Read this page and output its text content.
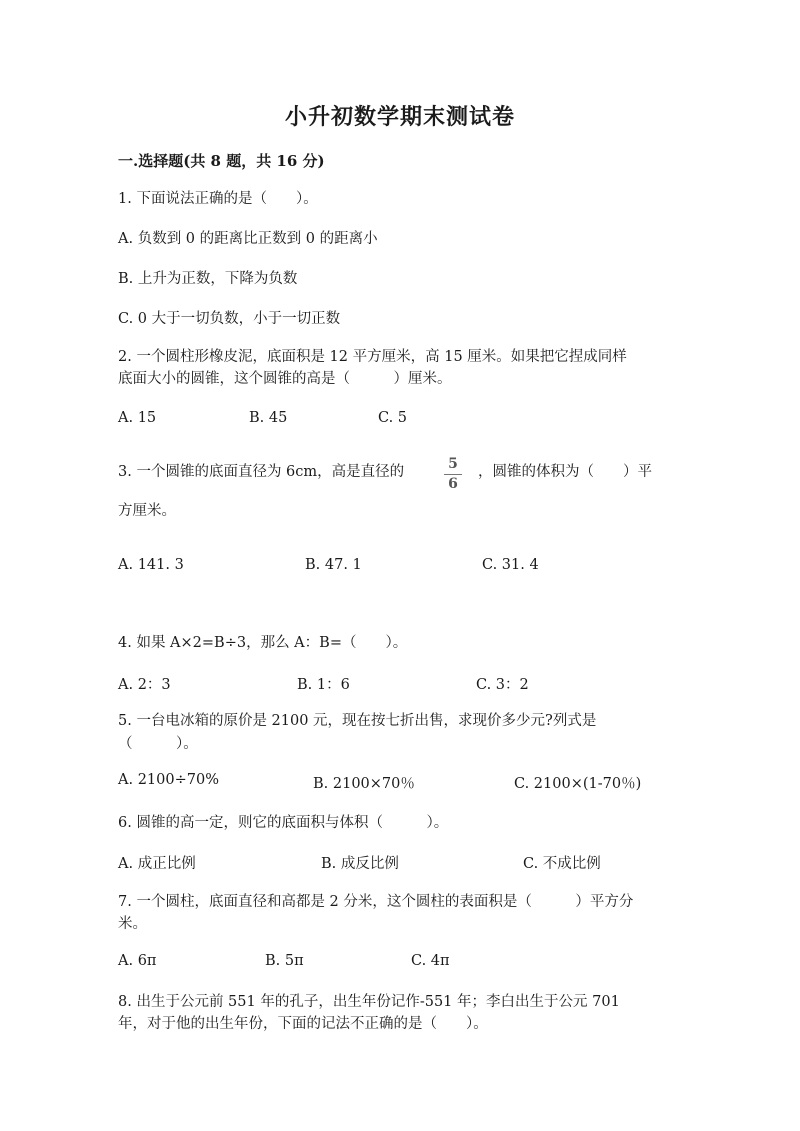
小升初数学期末测试卷
一.选择题(共 8 题，共 16 分)
1. 下面说法正确的是（　　）。
A. 负数到 0 的距离比正数到 0 的距离小
B. 上升为正数，下降为负数
C. 0 大于一切负数，小于一切正数
2. 一个圆柱形橡皮泥，底面积是 12 平方厘米，高 15 厘米。如果把它捏成同样
底面大小的圆锥，这个圆锥的高是（　　　）厘米。
A. 15	B. 45	C. 5
3. 一个圆锥的底面直径为 6cm，高是直径的	5
6
，圆锥的体积为（　　）平
方厘米。
A. 141. 3	B. 47. 1	C. 31. 4
4. 如果 A×2=B÷3，那么 A：B=（　　）。
A. 2：3	B. 1：6	C. 3：2
5. 一台电冰箱的原价是 2100 元，现在按七折出售，求现价多少元?列式是
（　　　）。
A. 2100÷70%	B. 2100×70％	C. 2100×(1-70％)
6. 圆锥的高一定，则它的底面积与体积（　　　）。
A. 成正比例	B. 成反比例	C. 不成比例
7. 一个圆柱，底面直径和高都是 2 分米，这个圆柱的表面积是（　　　）平方分
米。
A. 6π	B. 5π	C. 4π
8. 出生于公元前 551 年的孔子，出生年份记作-551 年；李白出生于公元 701
年，对于他的出生年份，下面的记法不正确的是（　　）。
